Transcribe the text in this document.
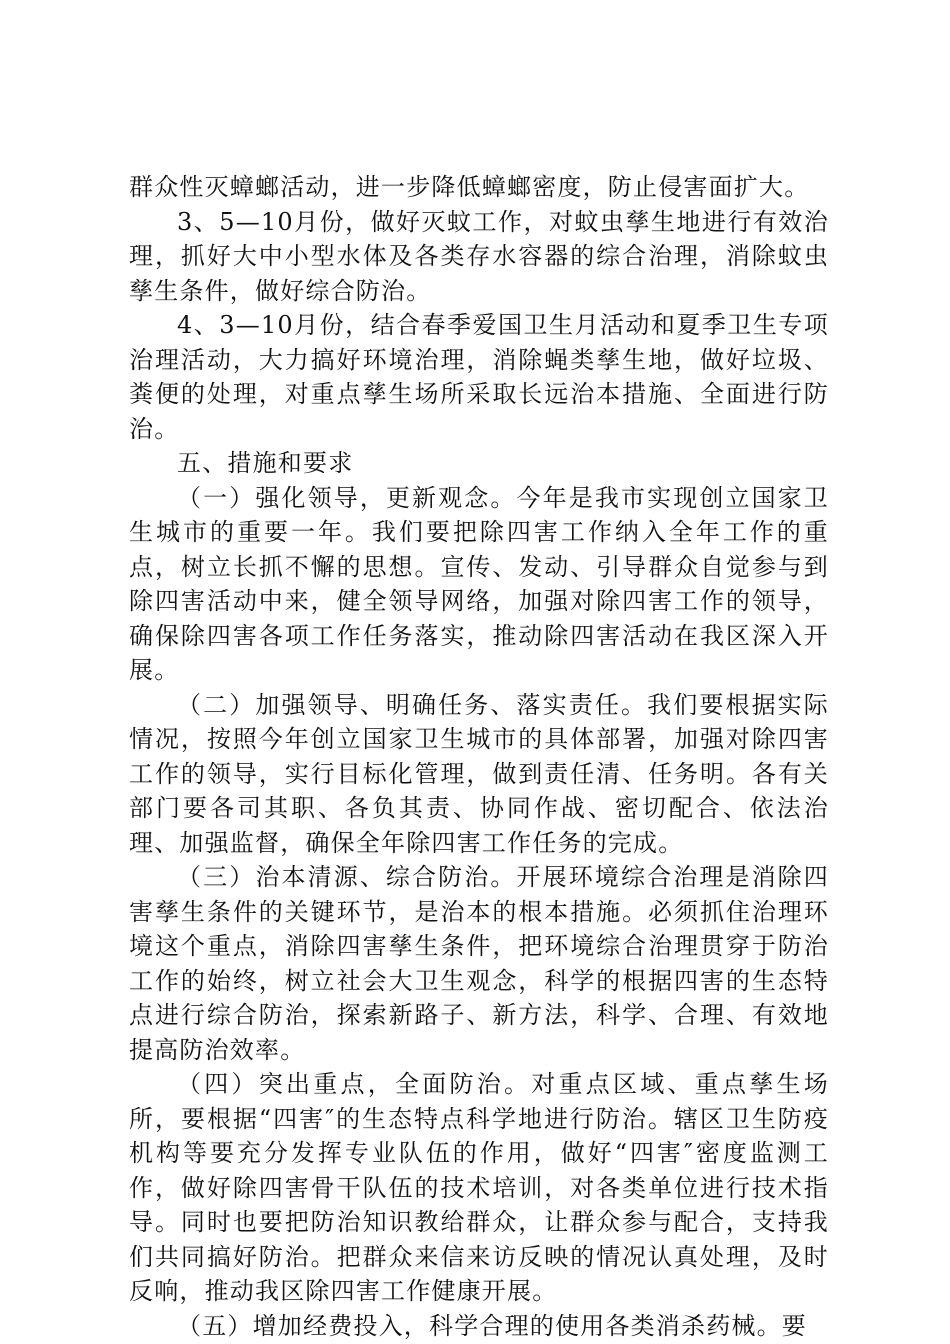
群众性灭蟑螂活动，进一步降低蟑螂密度，防止侵害面扩大。

3、5—10月份，做好灭蚊工作，对蚊虫孳生地进行有效治理，抓好大中小型水体及各类存水容器的综合治理，消除蚊虫孳生条件，做好综合防治。

4、3—10月份，结合春季爱国卫生月活动和夏季卫生专项治理活动，大力搞好环境治理，消除蝇类孳生地，做好垃圾、粪便的处理，对重点孳生场所采取长远治本措施、全面进行防治。

五、措施和要求

（一）强化领导，更新观念。今年是我市实现创立国家卫生城市的重要一年。我们要把除四害工作纳入全年工作的重点，树立长抓不懈的思想。宣传、发动、引导群众自觉参与到除四害活动中来，健全领导网络，加强对除四害工作的领导，确保除四害各项工作任务落实，推动除四害活动在我区深入开展。

（二）加强领导、明确任务、落实责任。我们要根据实际情况，按照今年创立国家卫生城市的具体部署，加强对除四害工作的领导，实行目标化管理，做到责任清、任务明。各有关部门要各司其职、各负其责、协同作战、密切配合、依法治理、加强监督，确保全年除四害工作任务的完成。

（三）治本清源、综合防治。开展环境综合治理是消除四害孳生条件的关键环节，是治本的根本措施。必须抓住治理环境这个重点，消除四害孳生条件，把环境综合治理贯穿于防治工作的始终，树立社会大卫生观念，科学的根据四害的生态特点进行综合防治，探索新路子、新方法，科学、合理、有效地提高防治效率。

（四）突出重点，全面防治。对重点区域、重点孳生场所，要根据“四害″的生态特点科学地进行防治。辖区卫生防疫机构等要充分发挥专业队伍的作用，做好“四害″密度监测工作，做好除四害骨干队伍的技术培训，对各类单位进行技术指导。同时也要把防治知识教给群众，让群众参与配合，支持我们共同搞好防治。把群众来信来访反映的情况认真处理，及时反响，推动我区除四害工作健康开展。

（五）增加经费投入，科学合理的使用各类消杀药械。要
